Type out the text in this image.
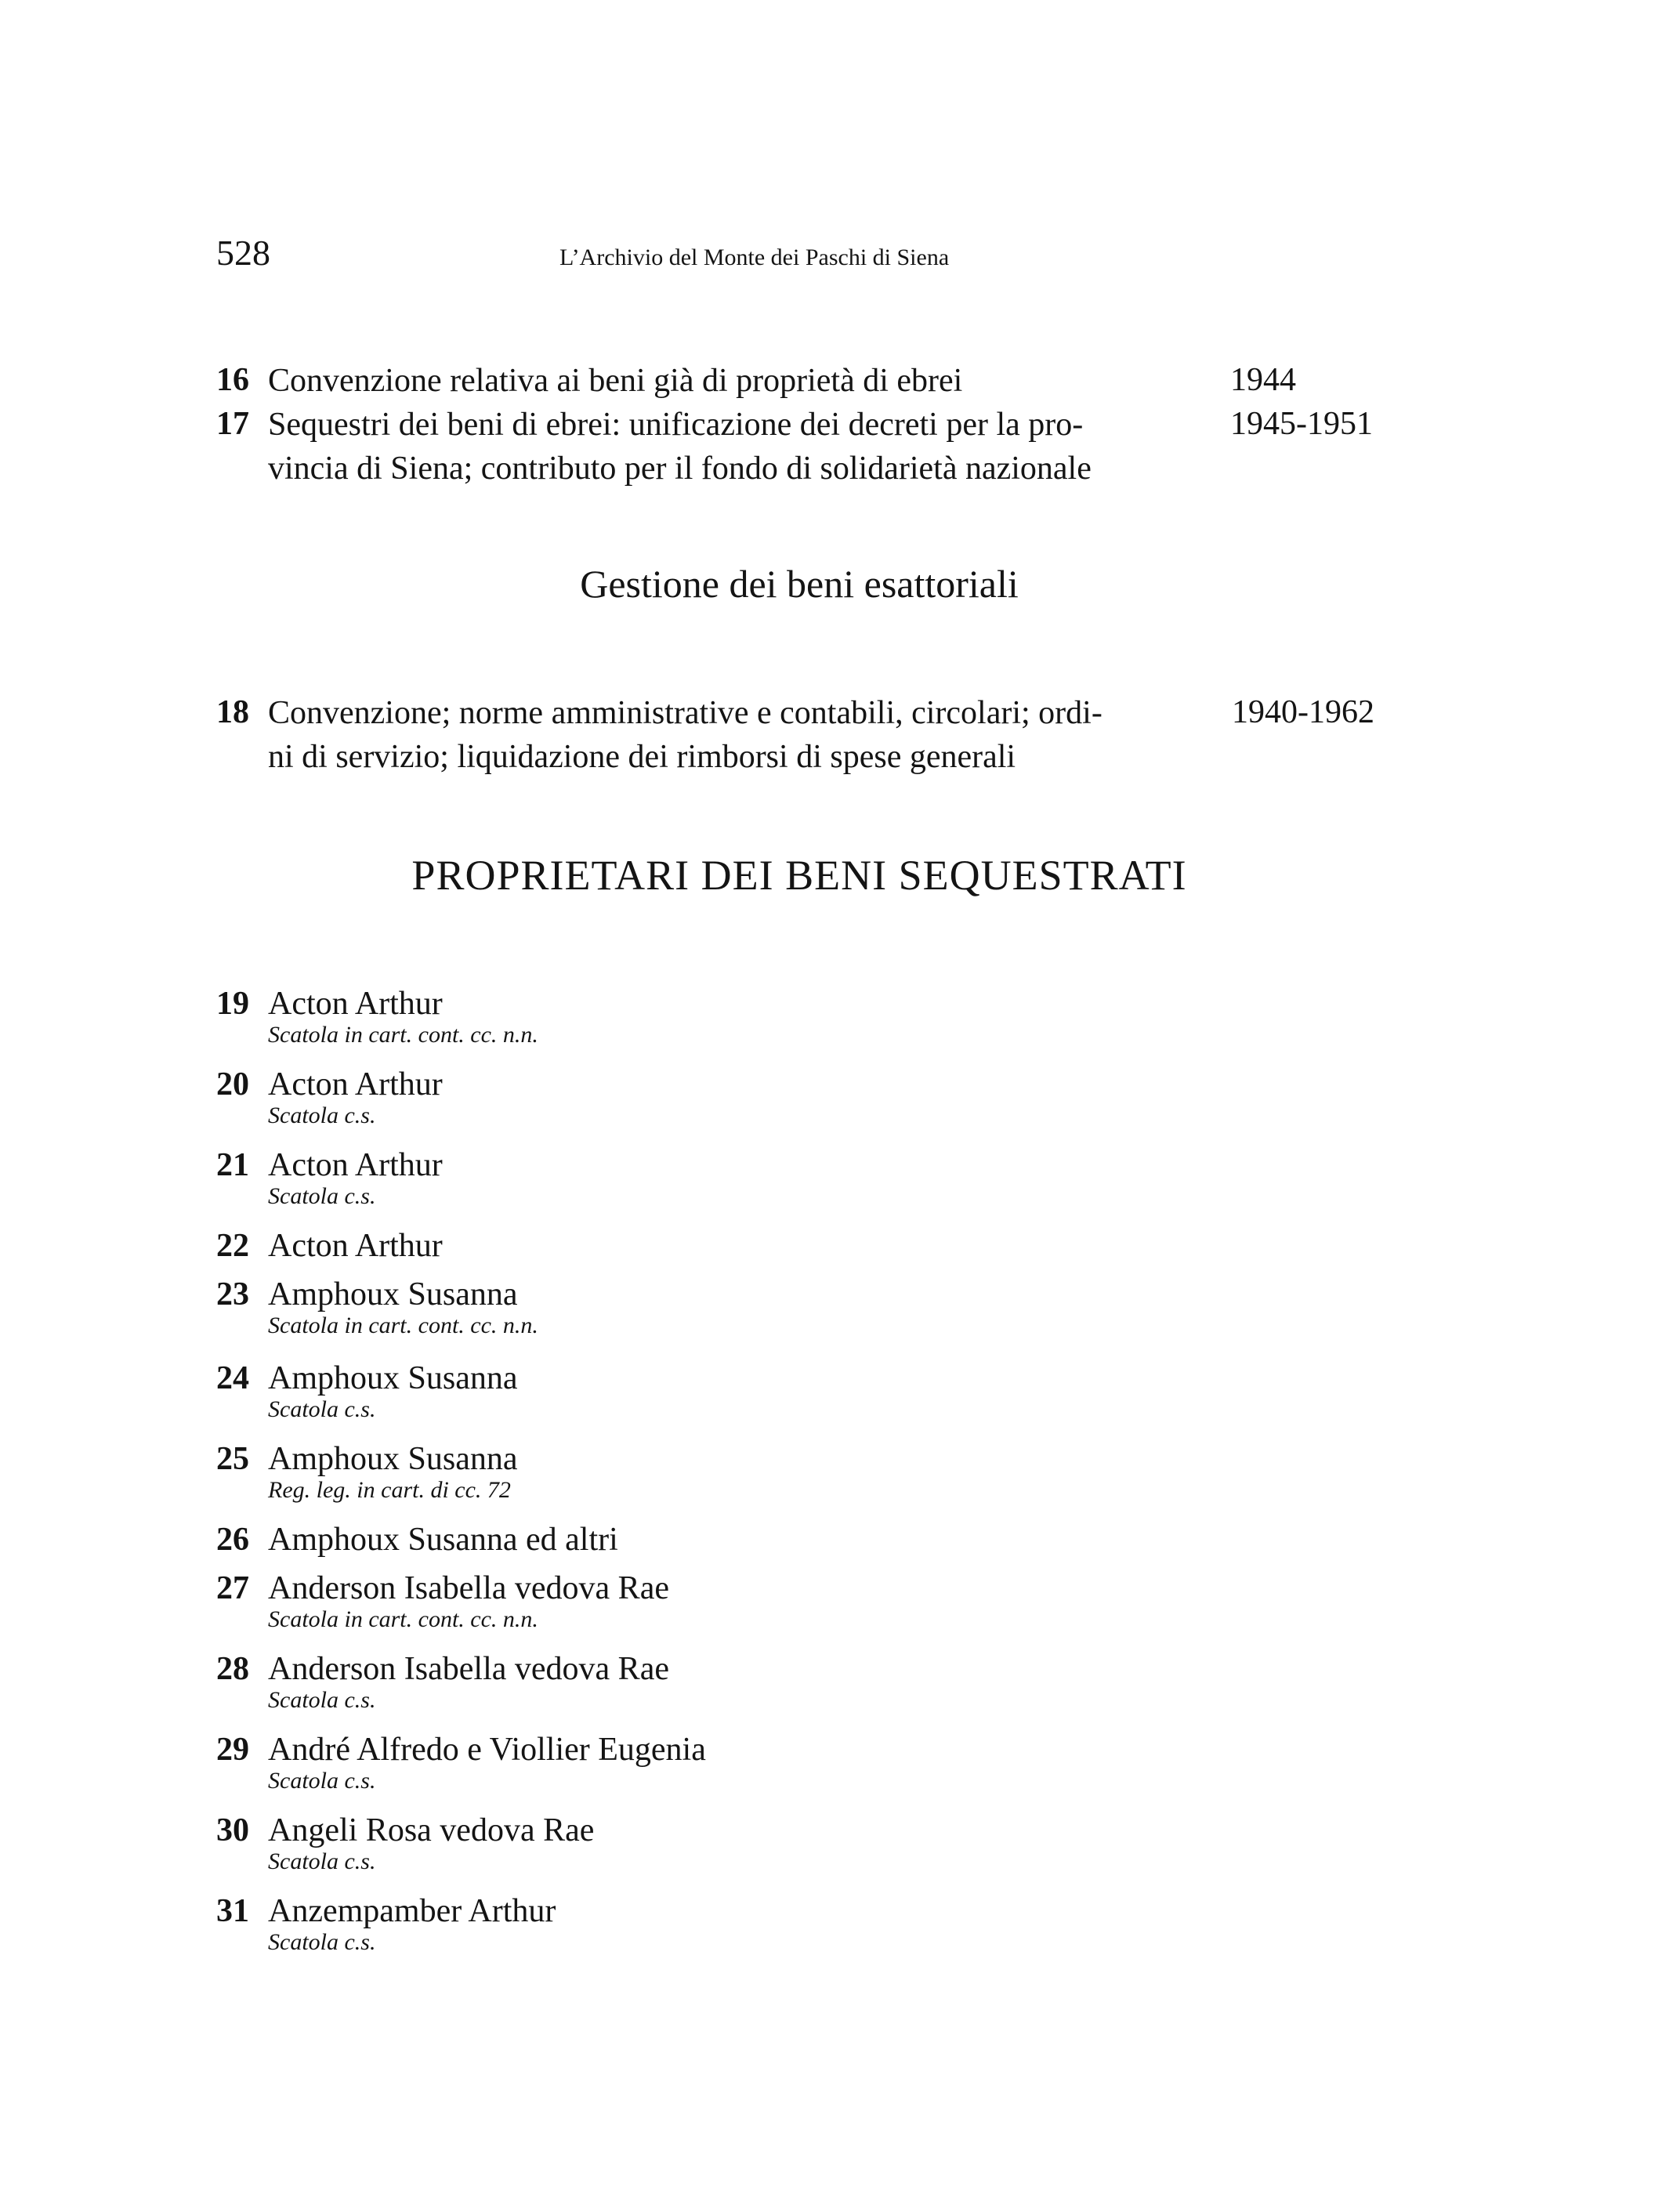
528	L’Archivio del Monte dei Paschi di Siena
16 Convenzione relativa ai beni già di proprietà di ebrei	1944
17 Sequestri dei beni di ebrei: unificazione dei decreti per la pro-
vincia di Siena; contributo per il fondo di solidarietà nazionale
1945-1951
Gestione dei beni esattoriali
18 Convenzione; norme amministrative e contabili, circolari; ordi-
ni di servizio; liquidazione dei rimborsi di spese generali
1940-1962
PROPRIETARI DEI BENI SEQUESTRATI
19 Acton Arthur
Scatola in cart. cont. cc. n.n.
20 Acton Arthur
Scatola c.s.
21 Acton Arthur
Scatola c.s.
22 Acton Arthur
23 Amphoux Susanna
Scatola in cart. cont. cc. n.n.
24 Amphoux Susanna
Scatola c.s.
25 Amphoux Susanna
Reg. leg. in cart. di cc. 72
26 Amphoux Susanna ed altri
27 Anderson Isabella vedova Rae
Scatola in cart. cont. cc. n.n.
28 Anderson Isabella vedova Rae
Scatola c.s.
29 André Alfredo e Viollier Eugenia
Scatola c.s.
30 Angeli Rosa vedova Rae
Scatola c.s.
31 Anzempamber Arthur
Scatola c.s.
